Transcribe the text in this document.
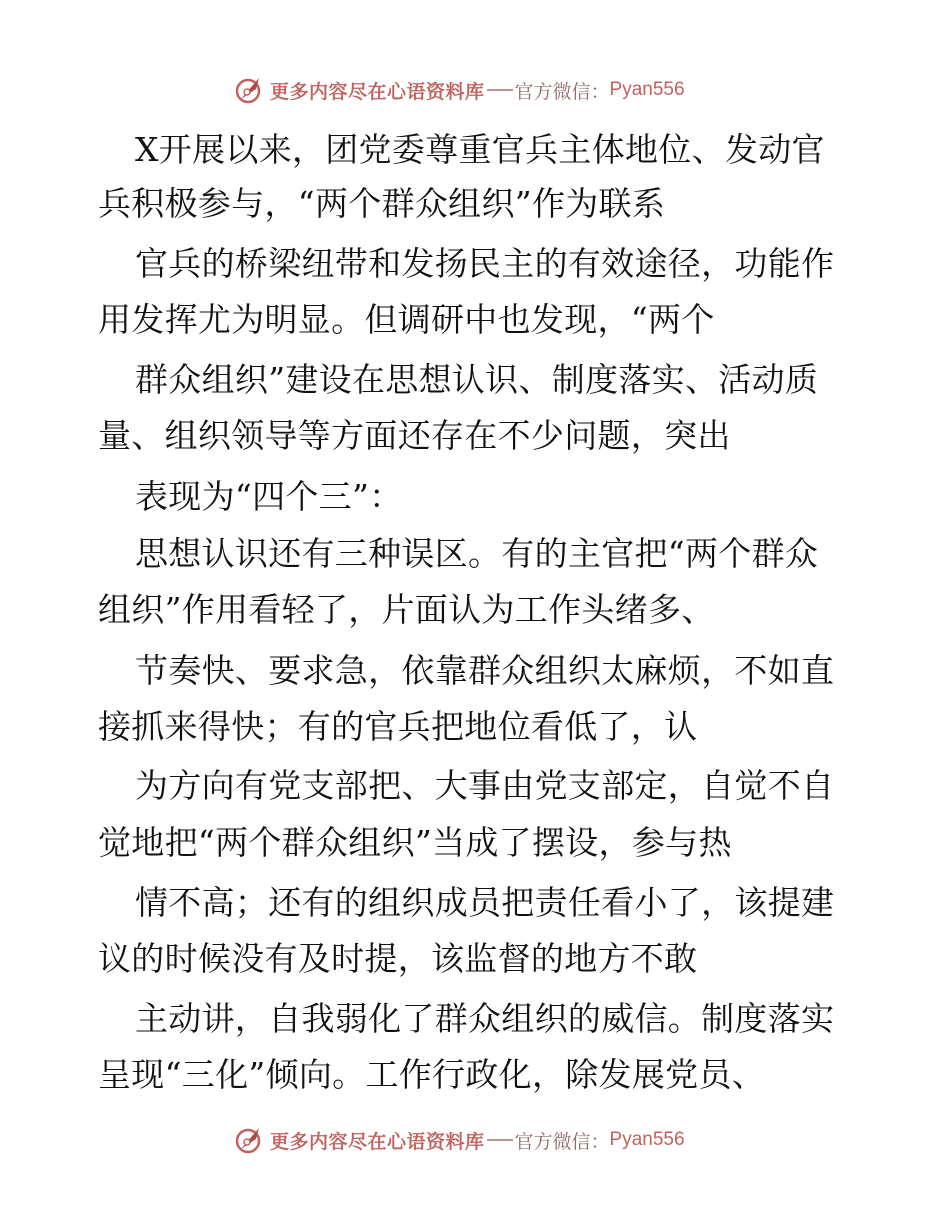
更多内容尽在心语资料库 官方微信： Pyan556
X开展以来，团党委尊重官兵主体地位、发动官
兵积极参与，“两个群众组织”作为联系
官兵的桥梁纽带和发扬民主的有效途径，功能作
用发挥尤为明显。但调研中也发现，“两个
群众组织”建设在思想认识、制度落实、活动质
量、组织领导等方面还存在不少问题，突出
表现为“四个三”：
思想认识还有三种误区。有的主官把“两个群众
组织”作用看轻了，片面认为工作头绪多、
节奏快、要求急，依靠群众组织太麻烦，不如直
接抓来得快；有的官兵把地位看低了，认
为方向有党支部把、大事由党支部定，自觉不自
觉地把“两个群众组织”当成了摆设，参与热
情不高；还有的组织成员把责任看小了，该提建
议的时候没有及时提，该监督的地方不敢
主动讲，自我弱化了群众组织的威信。制度落实
呈现“三化”倾向。工作行政化，除发展党员、
更多内容尽在心语资料库 官方微信： Pyan556
